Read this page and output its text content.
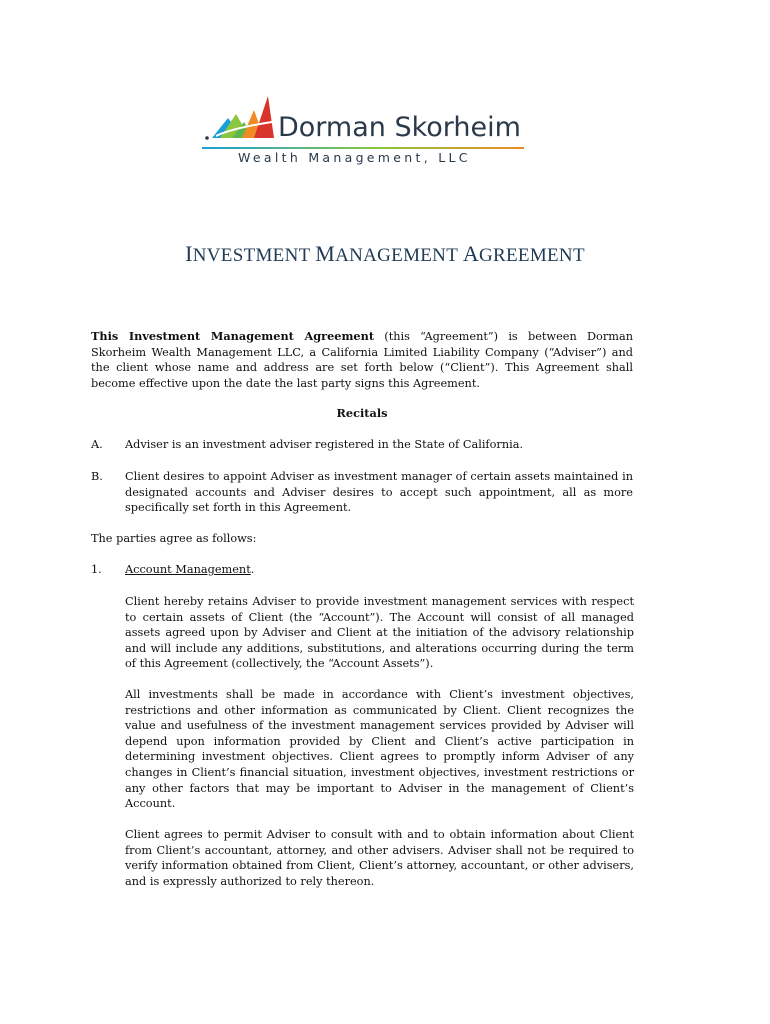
Dorman Skorheim
Wealth Management, LLC
INVESTMENT MANAGEMENT AGREEMENT

This Investment Management Agreement (this “Agreement”) is between Dorman Skorheim Wealth Management LLC, a California Limited Liability Company (“Adviser”) and the client whose name and address are set forth below (“Client”). This Agreement shall become effective upon the date the last party signs this Agreement.

Recitals
A. Adviser is an investment adviser registered in the State of California.

B. Client desires to appoint Adviser as investment manager of certain assets maintained in designated accounts and Adviser desires to accept such appointment, all as more specifically set forth in this Agreement.

The parties agree as follows:

1. Account Management.

Client hereby retains Adviser to provide investment management services with respect to certain assets of Client (the “Account”). The Account will consist of all managed assets agreed upon by Adviser and Client at the initiation of the advisory relationship and will include any additions, substitutions, and alterations occurring during the term of this Agreement (collectively, the “Account Assets”).

All investments shall be made in accordance with Client’s investment objectives, restrictions and other information as communicated by Client. Client recognizes the value and usefulness of the investment management services provided by Adviser will depend upon information provided by Client and Client’s active participation in determining investment objectives. Client agrees to promptly inform Adviser of any changes in Client’s financial situation, investment objectives, investment restrictions or any other factors that may be important to Adviser in the management of Client’s Account.

Client agrees to permit Adviser to consult with and to obtain information about Client from Client’s accountant, attorney, and other advisers. Adviser shall not be required to verify information obtained from Client, Client’s attorney, accountant, or other advisers, and is expressly authorized to rely thereon.
